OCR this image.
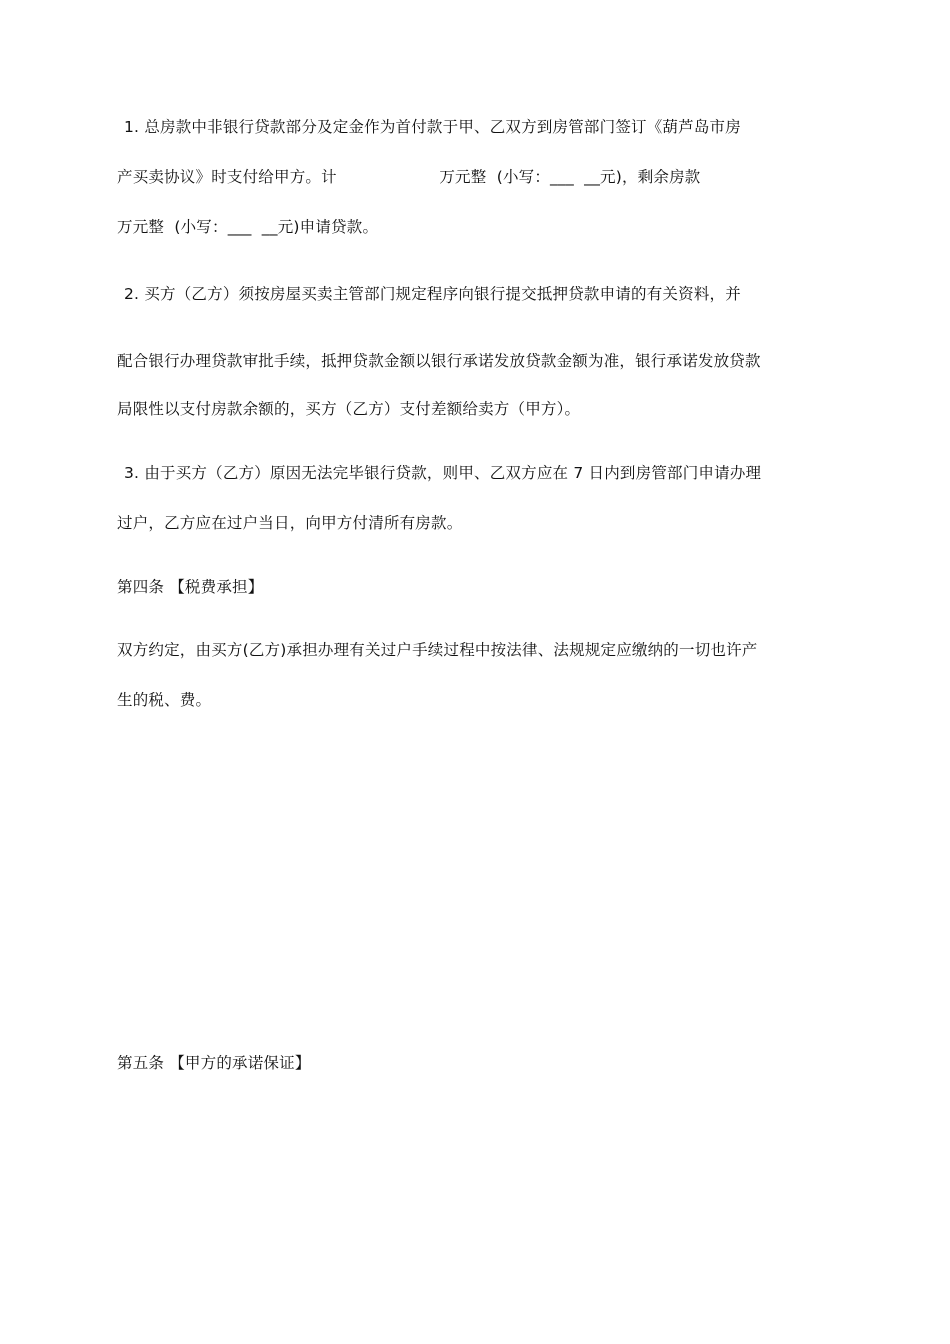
1. 总房款中非银行贷款部分及定金作为首付款于甲、乙双方到房管部门签订《葫芦岛市房
产买卖协议》时支付给甲方。计                    万元整  (小写：___  __元)，剩余房款
万元整  (小写：___  __元)申请贷款。
2. 买方（乙方）须按房屋买卖主管部门规定程序向银行提交抵押贷款申请的有关资料，并
配合银行办理贷款审批手续，抵押贷款金额以银行承诺发放贷款金额为准，银行承诺发放贷款
局限性以支付房款余额的，买方（乙方）支付差额给卖方（甲方）。
3. 由于买方（乙方）原因无法完毕银行贷款，则甲、乙双方应在 7 日内到房管部门申请办理
过户，乙方应在过户当日，向甲方付清所有房款。
第四条 【税费承担】
双方约定，由买方(乙方)承担办理有关过户手续过程中按法律、法规规定应缴纳的一切也许产
生的税、费。
第五条 【甲方的承诺保证】
